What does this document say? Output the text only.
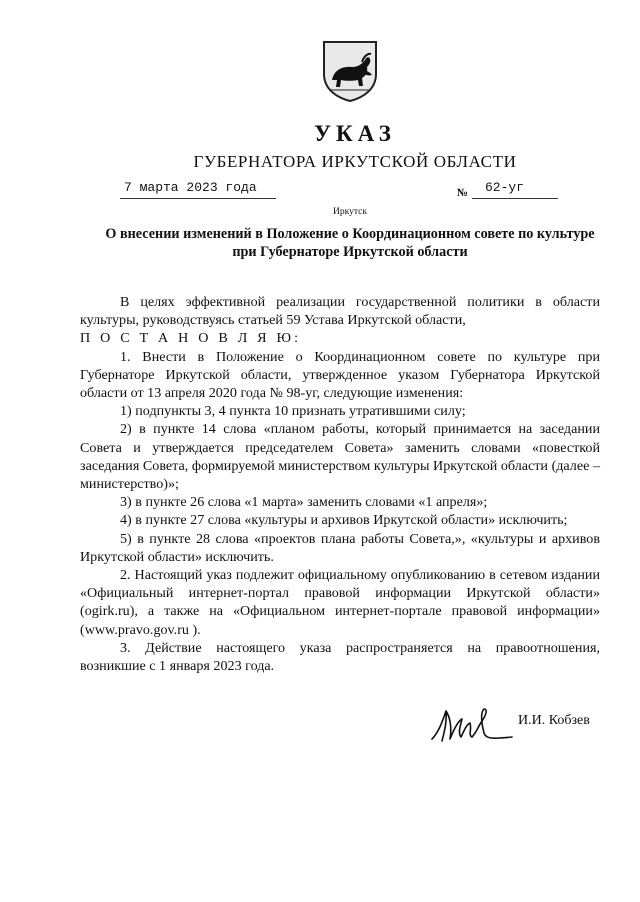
УКАЗ
ГУБЕРНАТОРА ИРКУТСКОЙ ОБЛАСТИ
7 марта 2023 года	№ 62-уг
Иркутск
О внесении изменений в Положение о Координационном совете по культуре при Губернаторе Иркутской области

В целях эффективной реализации государственной политики в области культуры, руководствуясь статьей 59 Устава Иркутской области,

П О С Т А Н О В Л Я Ю:

1. Внести в Положение о Координационном совете по культуре при Губернаторе Иркутской области, утвержденное указом Губернатора Иркутской области от 13 апреля 2020 года № 98-уг, следующие изменения:

1) подпункты 3, 4 пункта 10 признать утратившими силу;

2) в пункте 14 слова «планом работы, который принимается на заседании Совета и утверждается председателем Совета» заменить словами «повесткой заседания Совета, формируемой министерством культуры Иркутской области (далее – министерство)»;

3) в пункте 26 слова «1 марта» заменить словами «1 апреля»;

4) в пункте 27 слова «культуры и архивов Иркутской области» исключить;

5) в пункте 28 слова «проектов плана работы Совета,», «культуры и архивов Иркутской области» исключить.

2. Настоящий указ подлежит официальному опубликованию в сетевом издании «Официальный интернет-портал правовой информации Иркутской области» (ogirk.ru), а также на «Официальном интернет-портале правовой информации» (www.pravo.gov.ru ).

3. Действие настоящего указа распространяется на правоотношения, возникшие с 1 января 2023 года.

И.И. Кобзев
